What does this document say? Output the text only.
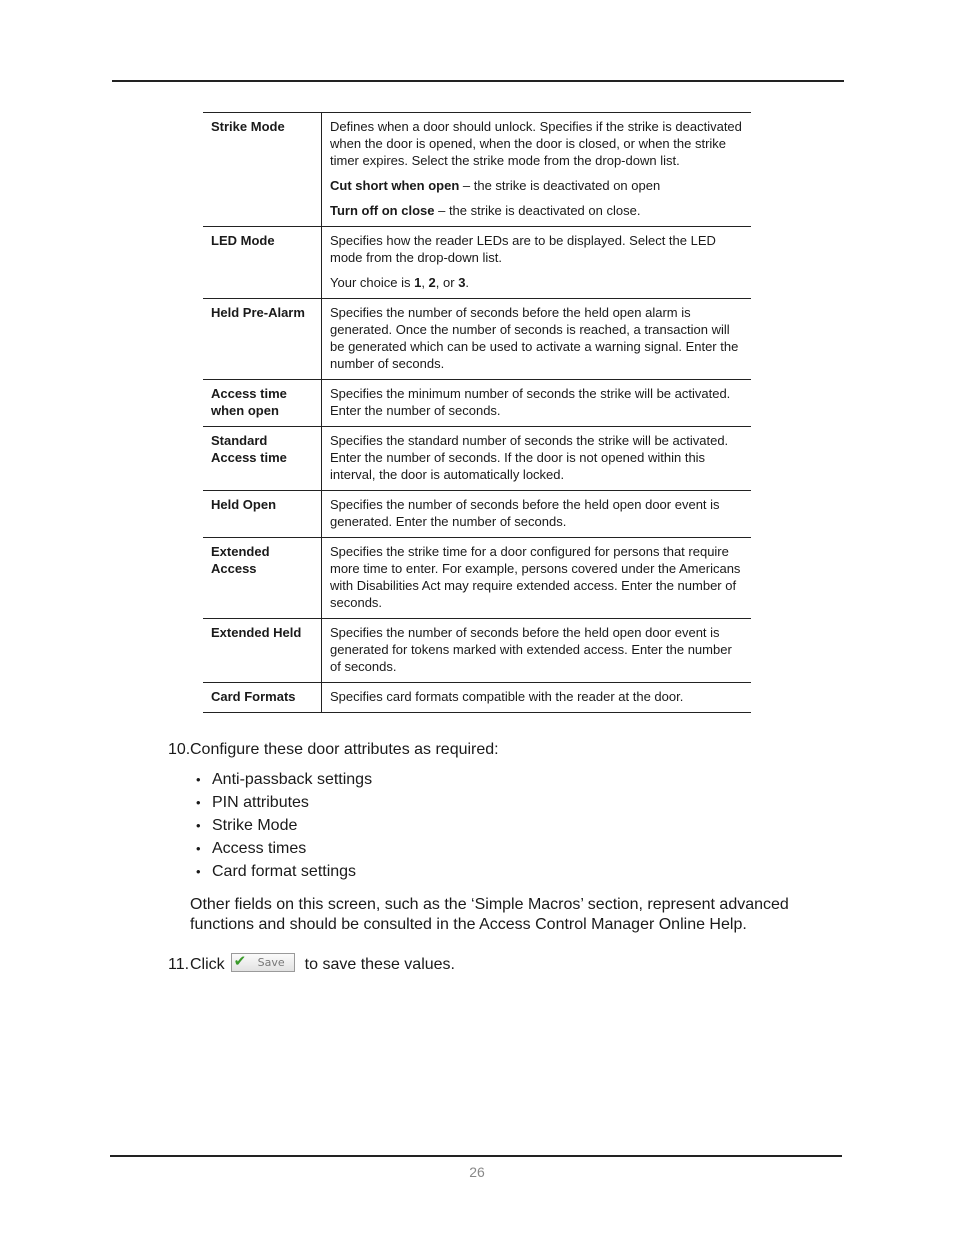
Strike Mode	Defines when a door should unlock. Specifies if the strike is deactivated when the door is opened, when the door is closed, or when the strike timer expires. Select the strike mode from the drop-down list.

Cut short when open – the strike is deactivated on open

Turn off on close – the strike is deactivated on close.

LED Mode	Specifies how the reader LEDs are to be displayed. Select the LED mode from the drop-down list.

Your choice is 1, 2, or 3.

Held Pre-Alarm	Specifies the number of seconds before the held open alarm is generated. Once the number of seconds is reached, a transaction will be generated which can be used to activate a warning signal. Enter the number of seconds.

Access time when open	Specifies the minimum number of seconds the strike will be activated. Enter the number of seconds.

Standard Access time	Specifies the standard number of seconds the strike will be activated. Enter the number of seconds. If the door is not opened within this interval, the door is automatically locked.

Held Open	Specifies the number of seconds before the held open door event is generated. Enter the number of seconds.

Extended Access	Specifies the strike time for a door configured for persons that require more time to enter. For example, persons covered under the Americans with Disabilities Act may require extended access. Enter the number of seconds.

Extended Held	Specifies the number of seconds before the held open door event is generated for tokens marked with extended access. Enter the number of seconds.

Card Formats	Specifies card formats compatible with the reader at the door.

10. Configure these door attributes as required:
• Anti-passback settings
• PIN attributes
• Strike Mode
• Access times
• Card format settings

Other fields on this screen, such as the ‘Simple Macros’ section, represent advanced functions and should be consulted in the Access Control Manager Online Help.

11. Click ✔ Save to save these values.
26
